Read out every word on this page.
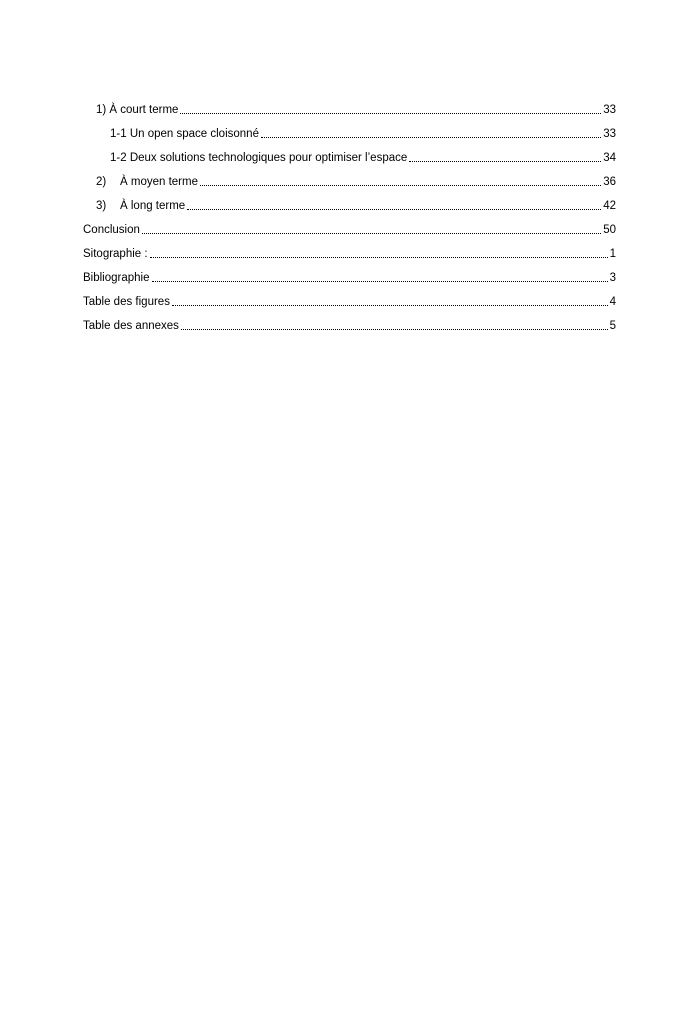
1) À court terme	33
1-1 Un open space cloisonné	33
1-2 Deux solutions technologiques pour optimiser l’espace	34
2)	À moyen terme	36
3)	À long terme	42
Conclusion	50
Sitographie :	1
Bibliographie	3
Table des figures	4
Table des annexes	5
